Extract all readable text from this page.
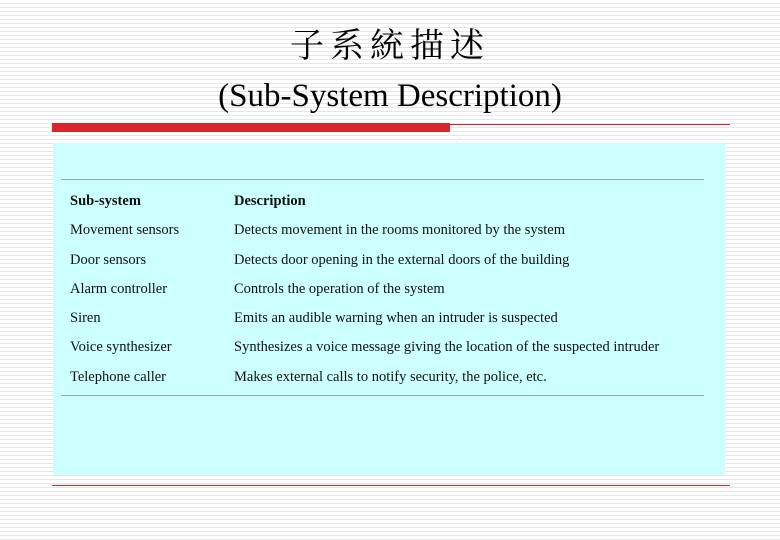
子系統描述
(Sub-System Description)
Sub-system	Description
Movement sensors	Detects movement in the rooms monitored by the system
Door sensors	Detects door opening in the external doors of the building
Alarm controller	Controls the operation of the system
Siren	Emits an audible warning when an intruder is suspected
Voice synthesizer	Synthesizes a voice message giving the location of the suspected intruder
Telephone caller	Makes external calls to notify security, the police, etc.
